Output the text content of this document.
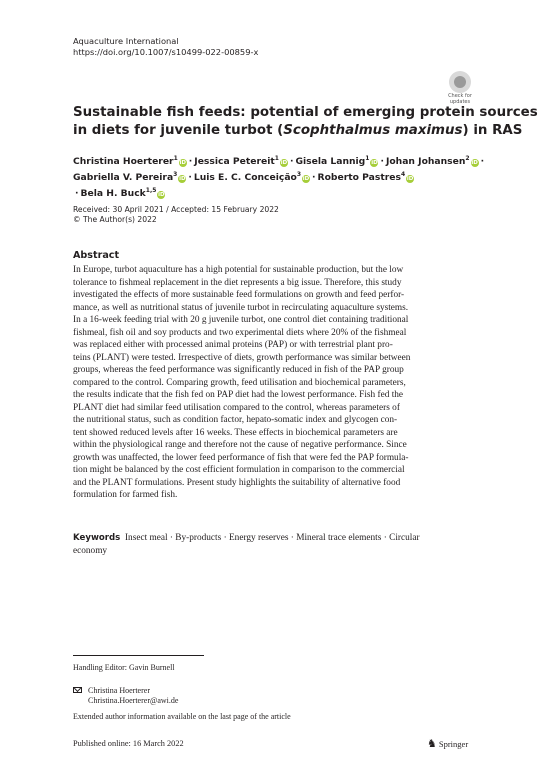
Aquaculture International
https://doi.org/10.1007/s10499-022-00859-x
Check for
updates
Sustainable fish feeds: potential of emerging protein sources
in diets for juvenile turbot (Scophthalmus maximus) in RAS
Christina Hoerterer$^1$iD · Jessica Petereit$^1$iD · Gisela Lannig$^1$iD · Johan Johansen$^2$iD ·
Gabriella V. Pereira$^3$iD · Luis E. C. Conceição$^3$iD · Roberto Pastres$^4$iD· Bela H. Buck$^{1,5}$iD
Received: 30 April 2021 / Accepted: 15 February 2022
© The Author(s) 2022
Abstract
In Europe, turbot aquaculture has a high potential for sustainable production, but the low
tolerance to fishmeal replacement in the diet represents a big issue. Therefore, this study
investigated the effects of more sustainable feed formulations on growth and feed perfor-
mance, as well as nutritional status of juvenile turbot in recirculating aquaculture systems.
In a 16-week feeding trial with 20 g juvenile turbot, one control diet containing traditional
fishmeal, fish oil and soy products and two experimental diets where 20% of the fishmeal
was replaced either with processed animal proteins (PAP) or with terrestrial plant pro-
teins (PLANT) were tested. Irrespective of diets, growth performance was similar between
groups, whereas the feed performance was significantly reduced in fish of the PAP group
compared to the control. Comparing growth, feed utilisation and biochemical parameters,
the results indicate that the fish fed on PAP diet had the lowest performance. Fish fed the
PLANT diet had similar feed utilisation compared to the control, whereas parameters of
the nutritional status, such as condition factor, hepato-somatic index and glycogen con-
tent showed reduced levels after 16 weeks. These effects in biochemical parameters are
within the physiological range and therefore not the cause of negative performance. Since
growth was unaffected, the lower feed performance of fish that were fed the PAP formula-
tion might be balanced by the cost efficient formulation in comparison to the commercial
and the PLANT formulations. Present study highlights the suitability of alternative food
formulation for farmed fish.
Keywords Insect meal · By-products · Energy reserves · Mineral trace elements · Circular
economy
Handling Editor: Gavin Burnell
Christina Hoerterer
Christina.Hoerterer@awi.de
Extended author information available on the last page of the article
Published online: 16 March 2022	♞ Springer
